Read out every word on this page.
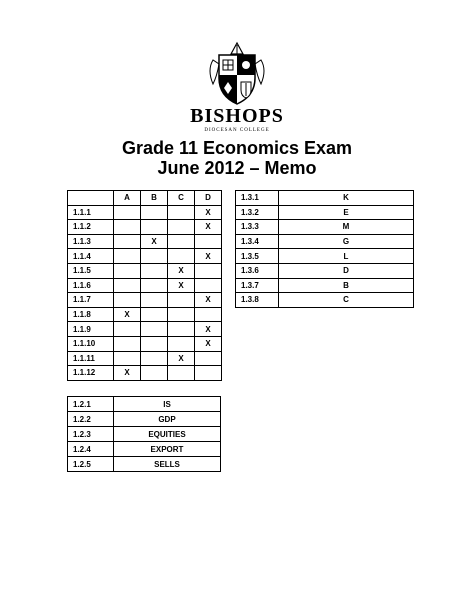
BISHOPS
DIOCESAN COLLEGE
Grade 11 Economics Exam
June 2012 – Memo
	A	B	C	D
1.1.1				X
1.1.2				X
1.1.3		X		
1.1.4				X
1.1.5			X	
1.1.6			X	
1.1.7				X
1.1.8	X			
1.1.9				X
1.1.10				X
1.1.11			X	
1.1.12	X			
1.3.1	K
1.3.2	E
1.3.3	M
1.3.4	G
1.3.5	L
1.3.6	D
1.3.7	B
1.3.8	C
1.2.1	IS
1.2.2	GDP
1.2.3	EQUITIES
1.2.4	EXPORT
1.2.5	SELLS
